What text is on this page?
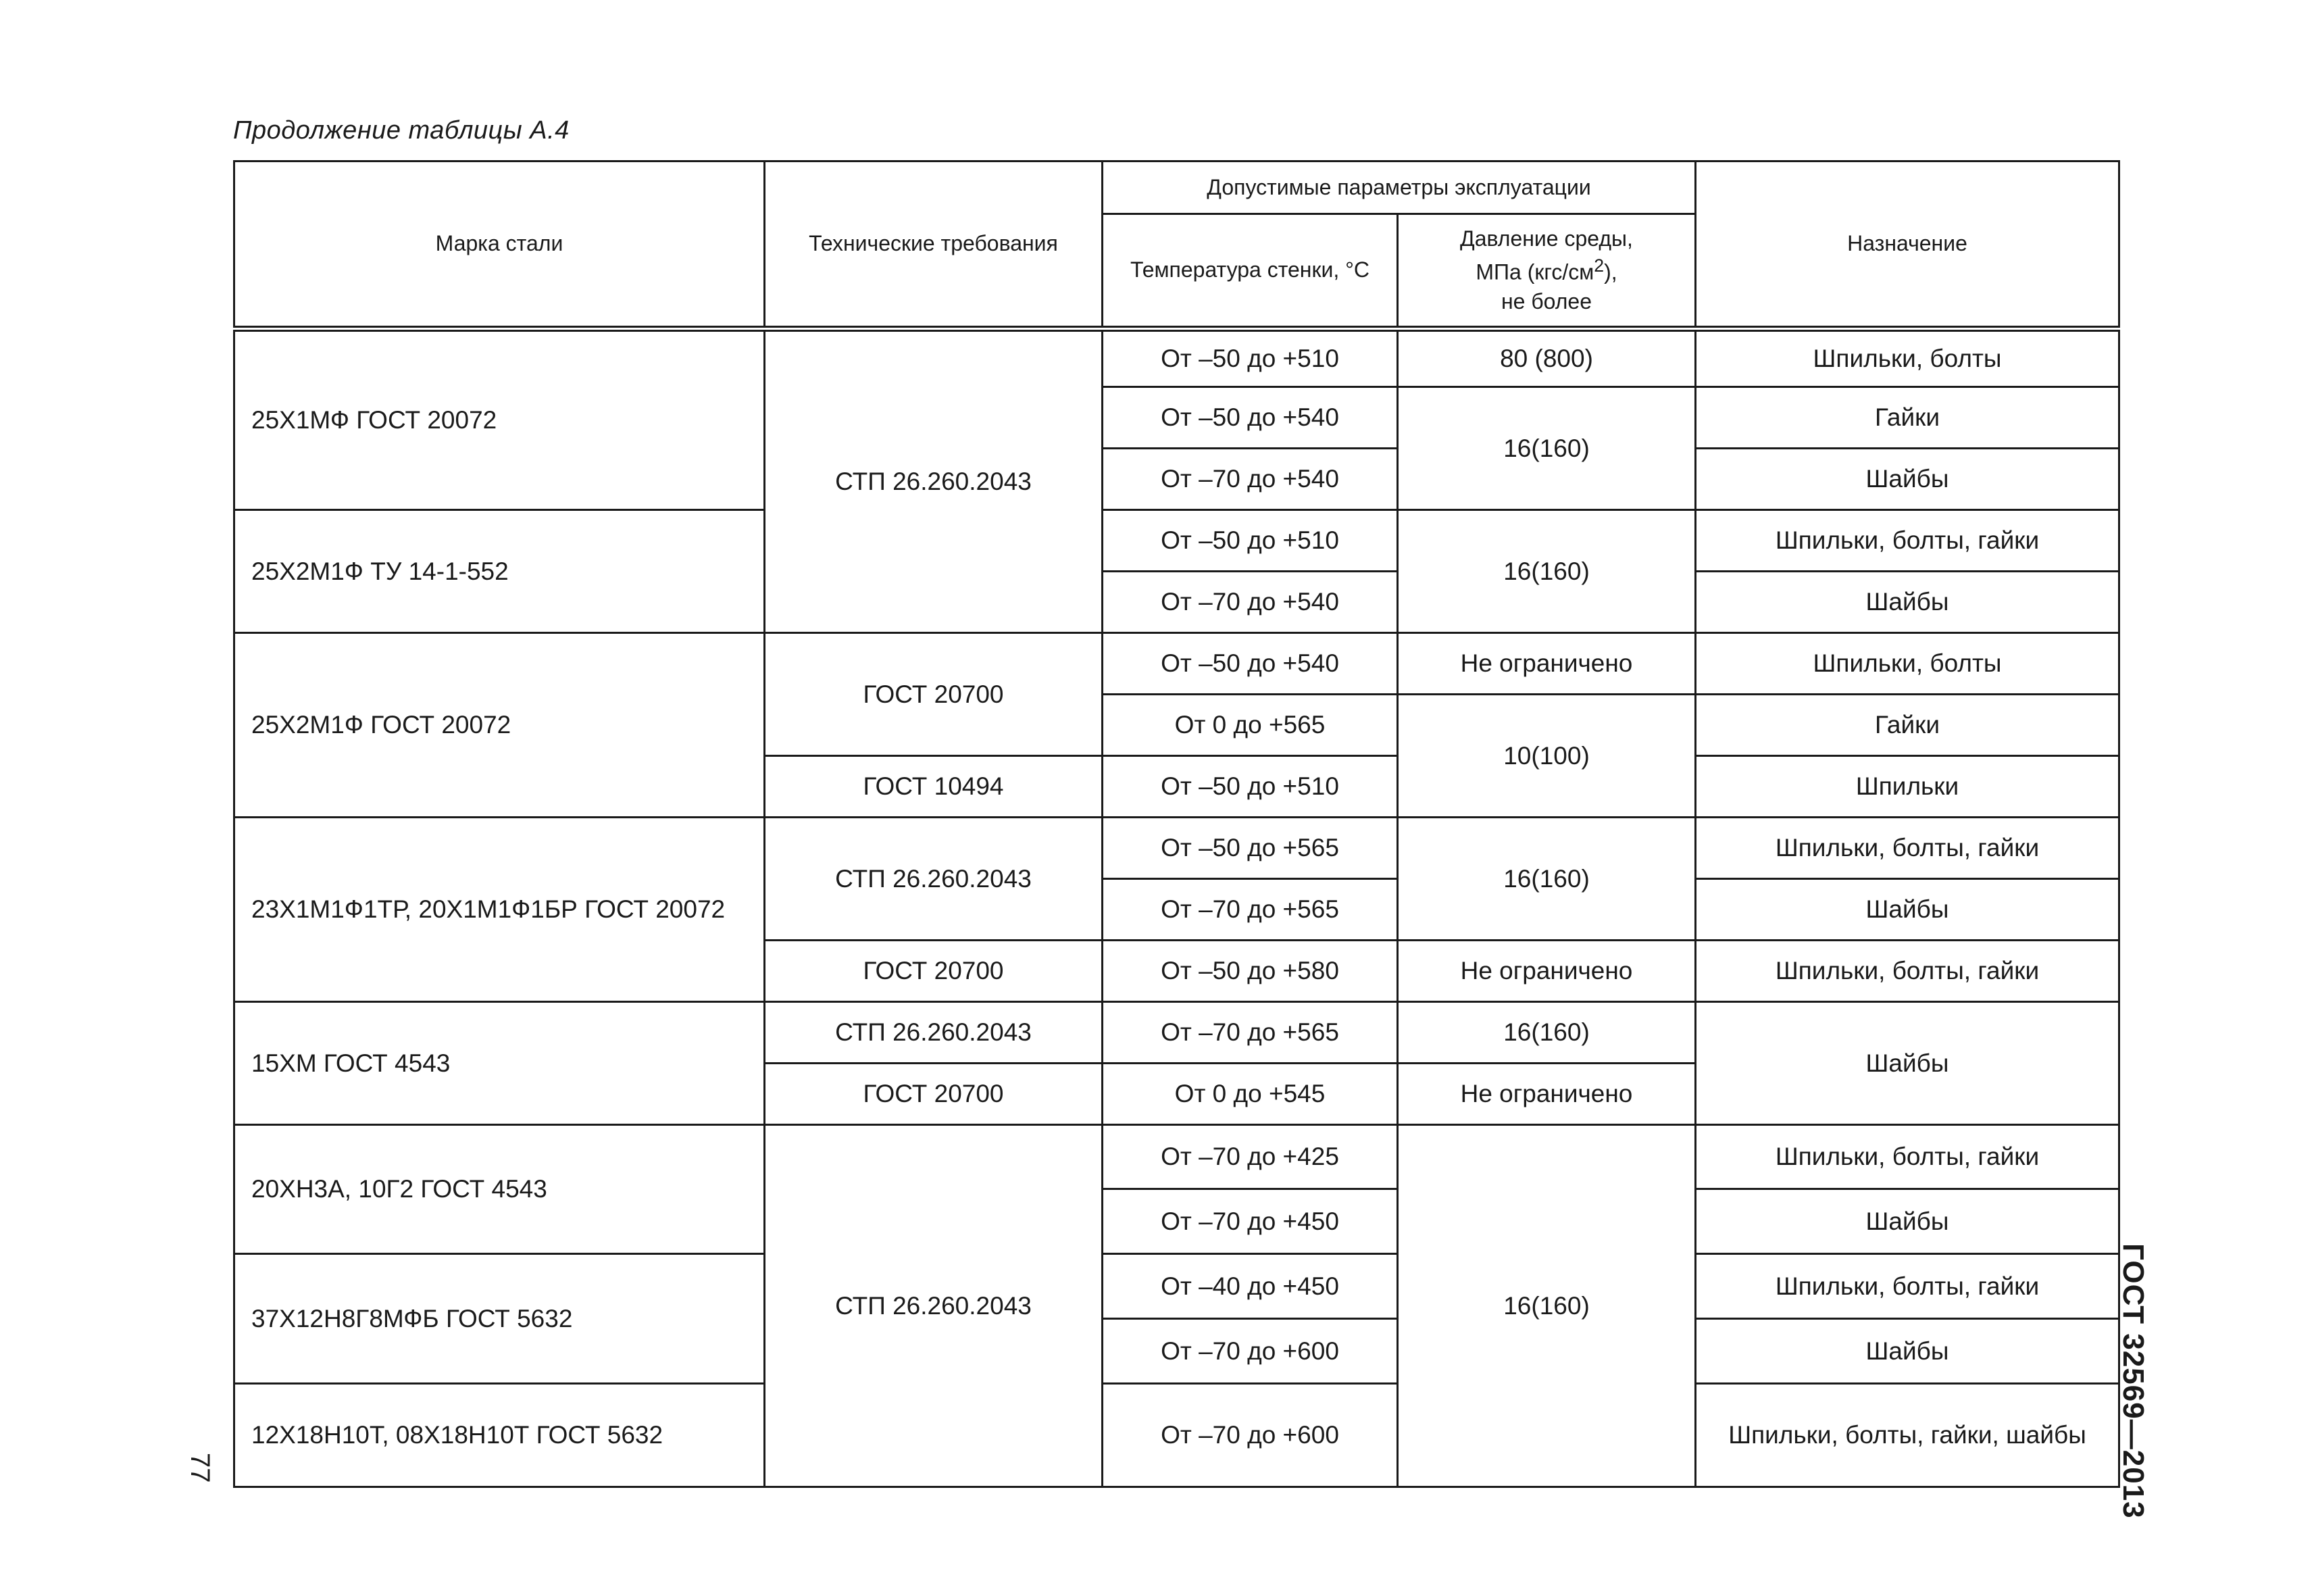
Продолжение таблицы А.4
Марка стали	Технические требования	Допустимые параметры эксплуатации		Назначение
		Температура стенки, °С	Давление среды,
МПа $(кгс/см^2)$,
не более	
25Х1МФ ГОСТ 20072	СТП 26.260.2043	От –50 до +510	80 (800)	Шпильки, болты
		От –50 до +540	16(160)	Гайки
		От –70 до +540		Шайбы
25Х2М1Ф ТУ 14-1-552		От –50 до +510	16(160)	Шпильки, болты, гайки
		От –70 до +540		Шайбы
25Х2М1Ф ГОСТ 20072	ГОСТ 20700	От –50 до +540	Не ограничено	Шпильки, болты
		От 0 до +565	10(100)	Гайки
	ГОСТ 10494	От –50 до +510		Шпильки
23Х1М1Ф1ТР, 20Х1М1Ф1БР ГОСТ 20072	СТП 26.260.2043	От –50 до +565	16(160)	Шпильки, болты, гайки
		От –70 до +565		Шайбы
	ГОСТ 20700	От –50 до +580	Не ограничено	Шпильки, болты, гайки
15ХМ ГОСТ 4543	СТП 26.260.2043	От –70 до +565	16(160)	Шайбы
	ГОСТ 20700	От 0 до +545	Не ограничено	
20ХН3А, 10Г2 ГОСТ 4543	СТП 26.260.2043	От –70 до +425	16(160)	Шпильки, болты, гайки
		От –70 до +450		Шайбы
37Х12Н8Г8МФБ ГОСТ 5632		От –40 до +450		Шпильки, болты, гайки
		От –70 до +600		Шайбы
12Х18Н10Т, 08Х18Н10Т ГОСТ 5632		От –70 до +600		Шпильки, болты, гайки, шайбы ГОСТ 32569—2013
77
